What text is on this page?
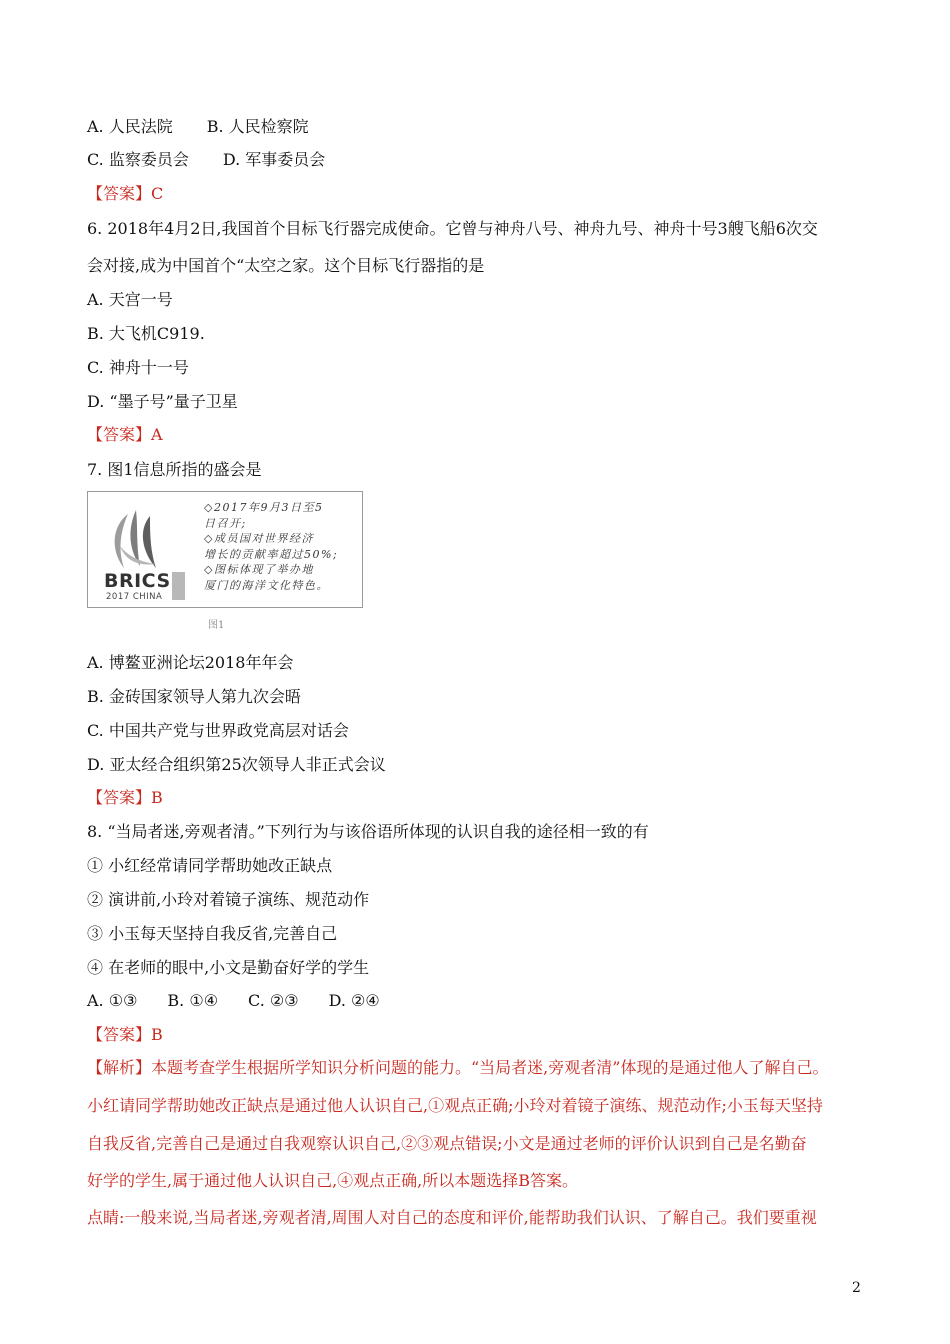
A. 人民法院 B. 人民检察院
C. 监察委员会 D. 军事委员会
【答案】C
6. 2018年4月2日,我国首个目标飞行器完成使命。它曾与神舟八号、神舟九号、神舟十号3艘飞船6次交
会对接,成为中国首个“太空之家。这个目标飞行器指的是
A. 天宫一号
B. 大飞机C919.
C. 神舟十一号
D. “墨子号”量子卫星
【答案】A
7. 图1信息所指的盛会是
BRICS
2017 CHINA
◇2017年9月3日至5
日召开;
◇成员国对世界经济
增长的贡献率超过50%;
◇图标体现了举办地
厦门的海洋文化特色。
图1
A. 博鳌亚洲论坛2018年年会
B. 金砖国家领导人第九次会晤
C. 中国共产党与世界政党高层对话会
D. 亚太经合组织第25次领导人非正式会议
【答案】B
8. “当局者迷,旁观者清。”下列行为与该俗语所体现的认识自我的途径相一致的有
① 小红经常请同学帮助她改正缺点
② 演讲前,小玲对着镜子演练、规范动作
③ 小玉每天坚持自我反省,完善自己
④ 在老师的眼中,小文是勤奋好学的学生
A. ①③ B. ①④ C. ②③ D. ②④
【答案】B
【解析】本题考查学生根据所学知识分析问题的能力。“当局者迷,旁观者清”体现的是通过他人了解自己。
小红请同学帮助她改正缺点是通过他人认识自己,①观点正确;小玲对着镜子演练、规范动作;小玉每天坚持
自我反省,完善自己是通过自我观察认识自己,②③观点错误;小文是通过老师的评价认识到自己是名勤奋
好学的学生,属于通过他人认识自己,④观点正确,所以本题选择B答案。
点睛:一般来说,当局者迷,旁观者清,周围人对自己的态度和评价,能帮助我们认识、了解自己。我们要重视
2
